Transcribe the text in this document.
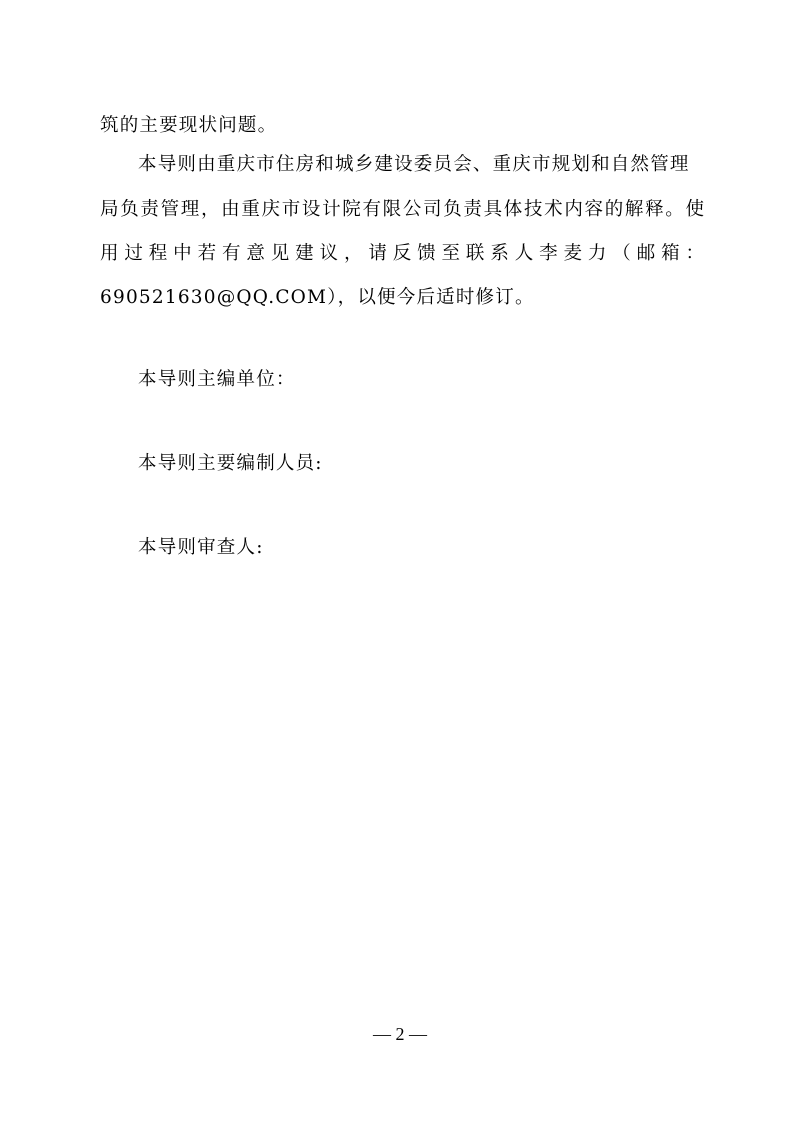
筑的主要现状问题。
本导则由重庆市住房和城乡建设委员会、重庆市规划和自然管理
局负责管理，由重庆市设计院有限公司负责具体技术内容的解释。使
用过程中若有意见建议，请反馈至联系人李麦力（邮箱：
690521630@QQ.COM），以便今后适时修订。
本导则主编单位：
本导则主要编制人员:
本导则审查人:
— 2 —
